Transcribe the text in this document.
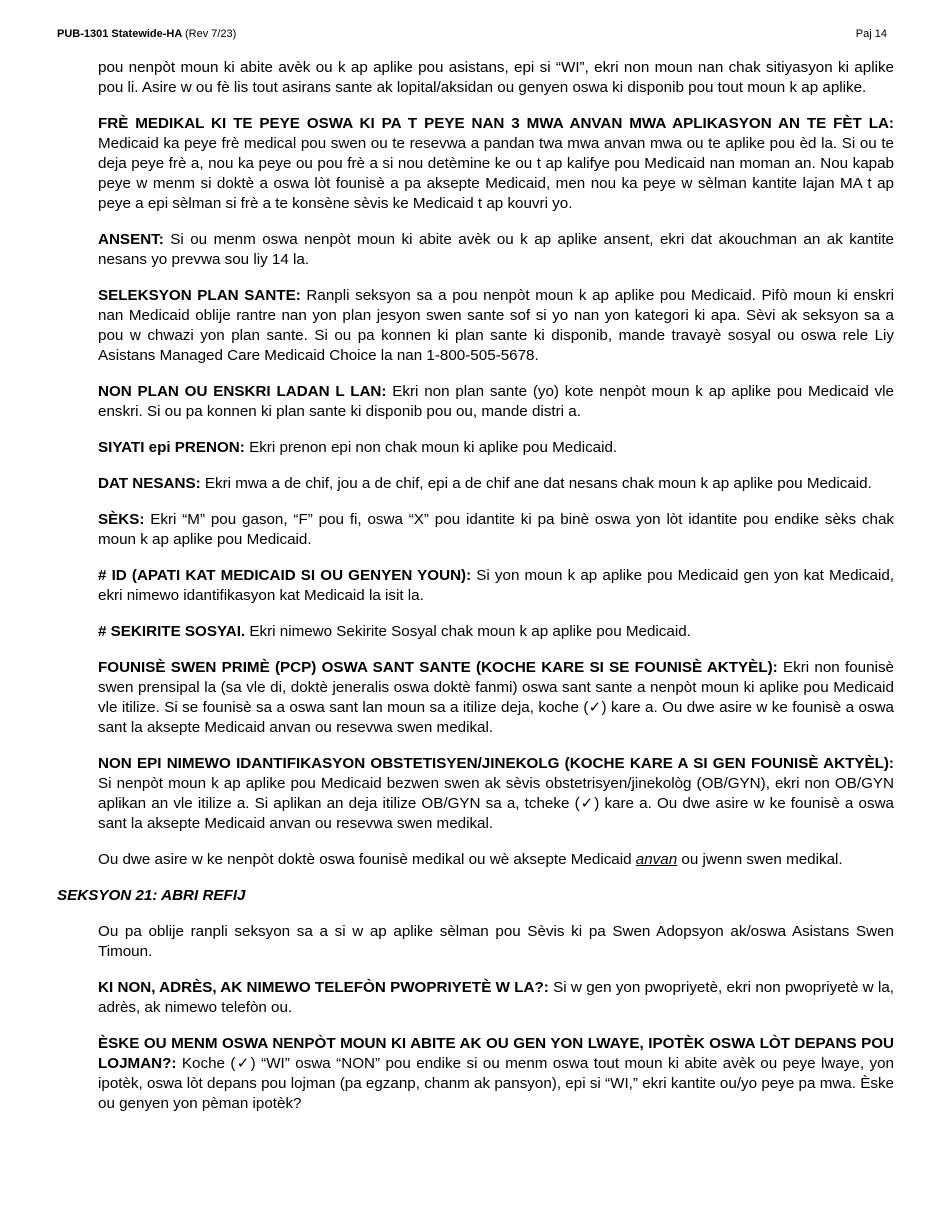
PUB-1301 Statewide-HA (Rev 7/23)	Paj 14

pou nenpòt moun ki abite avèk ou k ap aplike pou asistans, epi si “WI”, ekri non moun nan chak sitiyasyon ki aplike pou li. Asire w ou fè lis tout asirans sante ak lopital/aksidan ou genyen oswa ki disponib pou tout moun k ap aplike.

FRÈ MEDIKAL KI TE PEYE OSWA KI PA T PEYE NAN 3 MWA ANVAN MWA APLIKASYON AN TE FÈT LA: Medicaid ka peye frè medical pou swen ou te resevwa a pandan twa mwa anvan mwa ou te aplike pou èd la. Si ou te deja peye frè a, nou ka peye ou pou frè a si nou detèmine ke ou t ap kalifye pou Medicaid nan moman an. Nou kapab peye w menm si doktè a oswa lòt founisè a pa aksepte Medicaid, men nou ka peye w sèlman kantite lajan MA t ap peye a epi sèlman si frè a te konsène sèvis ke Medicaid t ap kouvri yo.

ANSENT: Si ou menm oswa nenpòt moun ki abite avèk ou k ap aplike ansent, ekri dat akouchman an ak kantite nesans yo prevwa sou liy 14 la.

SELEKSYON PLAN SANTE: Ranpli seksyon sa a pou nenpòt moun k ap aplike pou Medicaid. Pifò moun ki enskri nan Medicaid oblije rantre nan yon plan jesyon swen sante sof si yo nan yon kategori ki apa. Sèvi ak seksyon sa a pou w chwazi yon plan sante. Si ou pa konnen ki plan sante ki disponib, mande travayè sosyal ou oswa rele Liy Asistans Managed Care Medicaid Choice la nan 1-800-505-5678.

NON PLAN OU ENSKRI LADAN L LAN: Ekri non plan sante (yo) kote nenpòt moun k ap aplike pou Medicaid vle enskri. Si ou pa konnen ki plan sante ki disponib pou ou, mande distri a.

SIYATI epi PRENON: Ekri prenon epi non chak moun ki aplike pou Medicaid.

DAT NESANS: Ekri mwa a de chif, jou a de chif, epi a de chif ane dat nesans chak moun k ap aplike pou Medicaid.

SÈKS: Ekri “M” pou gason, “F” pou fi, oswa “X” pou idantite ki pa binè oswa yon lòt idantite pou endike sèks chak moun k ap aplike pou Medicaid.

# ID (APATI KAT MEDICAID SI OU GENYEN YOUN): Si yon moun k ap aplike pou Medicaid gen yon kat Medicaid, ekri nimewo idantifikasyon kat Medicaid la isit la.

# SEKIRITE SOSYAI. Ekri nimewo Sekirite Sosyal chak moun k ap aplike pou Medicaid.

FOUNISÈ SWEN PRIMÈ (PCP) OSWA SANT SANTE (KOCHE KARE SI SE FOUNISÈ AKTYÈL): Ekri non founisè swen prensipal la (sa vle di, doktè jeneralis oswa doktè fanmi) oswa sant sante a nenpòt moun ki aplike pou Medicaid vle itilize. Si se founisè sa a oswa sant lan moun sa a itilize deja, koche (✓) kare a. Ou dwe asire w ke founisè a oswa sant la aksepte Medicaid anvan ou resevwa swen medikal.

NON EPI NIMEWO IDANTIFIKASYON OBSTETISYEN/JINEKOLG (KOCHE KARE A SI GEN FOUNISÈ AKTYÈL): Si nenpòt moun k ap aplike pou Medicaid bezwen swen ak sèvis obstetrisyen/jinekològ (OB/GYN), ekri non OB/GYN aplikan an vle itilize a. Si aplikan an deja itilize OB/GYN sa a, tcheke (✓) kare a. Ou dwe asire w ke founisè a oswa sant la aksepte Medicaid anvan ou resevwa swen medikal.

Ou dwe asire w ke nenpòt doktè oswa founisè medikal ou wè aksepte Medicaid anvan ou jwenn swen medikal.

SEKSYON 21: ABRI REFIJ

Ou pa oblije ranpli seksyon sa a si w ap aplike sèlman pou Sèvis ki pa Swen Adopsyon ak/oswa Asistans Swen Timoun.

KI NON, ADRÈS, AK NIMEWO TELEFÒN PWOPRIYETÈ W LA?: Si w gen yon pwopriyetè, ekri non pwopriyetè w la, adrès, ak nimewo telefòn ou.

ÈSKE OU MENM OSWA NENPÒT MOUN KI ABITE AK OU GEN YON LWAYE, IPOTÈK OSWA LÒT DEPANS POU LOJMAN?: Koche (✓) “WI” oswa “NON” pou endike si ou menm oswa tout moun ki abite avèk ou peye lwaye, yon ipotèk, oswa lòt depans pou lojman (pa egzanp, chanm ak pansyon), epi si “WI,” ekri kantite ou/yo peye pa mwa. Èske ou genyen yon pèman ipotèk?
